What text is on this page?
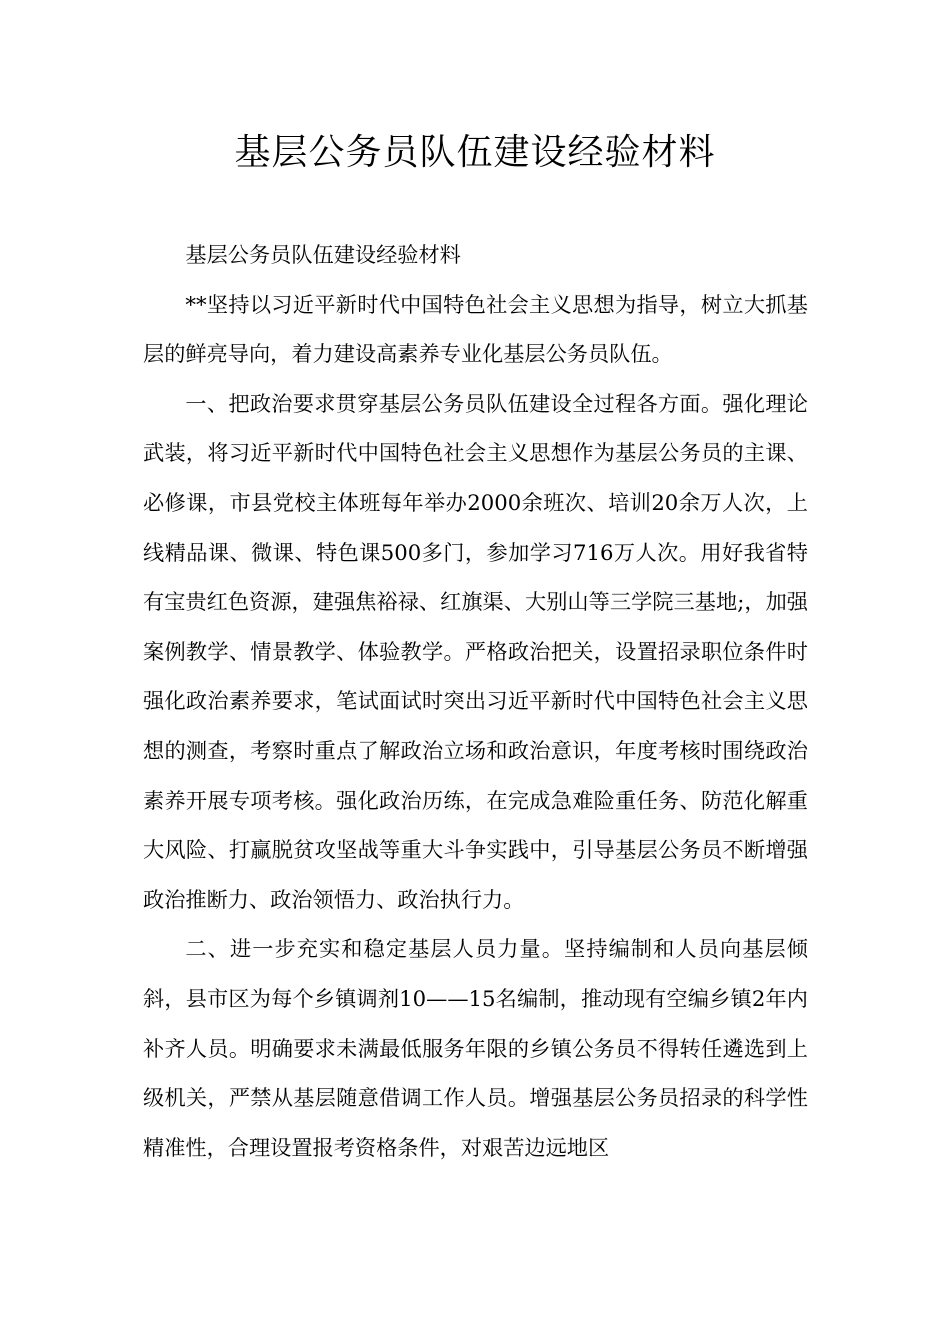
基层公务员队伍建设经验材料

基层公务员队伍建设经验材料

**坚持以习近平新时代中国特色社会主义思想为指导，树立大抓基层的鲜亮导向，着力建设高素养专业化基层公务员队伍。

一、把政治要求贯穿基层公务员队伍建设全过程各方面。强化理论武装，将习近平新时代中国特色社会主义思想作为基层公务员的主课、必修课，市县党校主体班每年举办2000余班次、培训20余万人次，上线精品课、微课、特色课500多门，参加学习716万人次。用好我省特有宝贵红色资源，建强焦裕禄、红旗渠、大别山等三学院三基地;，加强案例教学、情景教学、体验教学。严格政治把关，设置招录职位条件时强化政治素养要求，笔试面试时突出习近平新时代中国特色社会主义思想的测查，考察时重点了解政治立场和政治意识，年度考核时围绕政治素养开展专项考核。强化政治历练，在完成急难险重任务、防范化解重大风险、打赢脱贫攻坚战等重大斗争实践中，引导基层公务员不断增强政治推断力、政治领悟力、政治执行力。

二、进一步充实和稳定基层人员力量。坚持编制和人员向基层倾斜，县市区为每个乡镇调剂10——15名编制，推动现有空编乡镇2年内补齐人员。明确要求未满最低服务年限的乡镇公务员不得转任遴选到上级机关，严禁从基层随意借调工作人员。增强基层公务员招录的科学性精准性，合理设置报考资格条件，对艰苦边远地区
